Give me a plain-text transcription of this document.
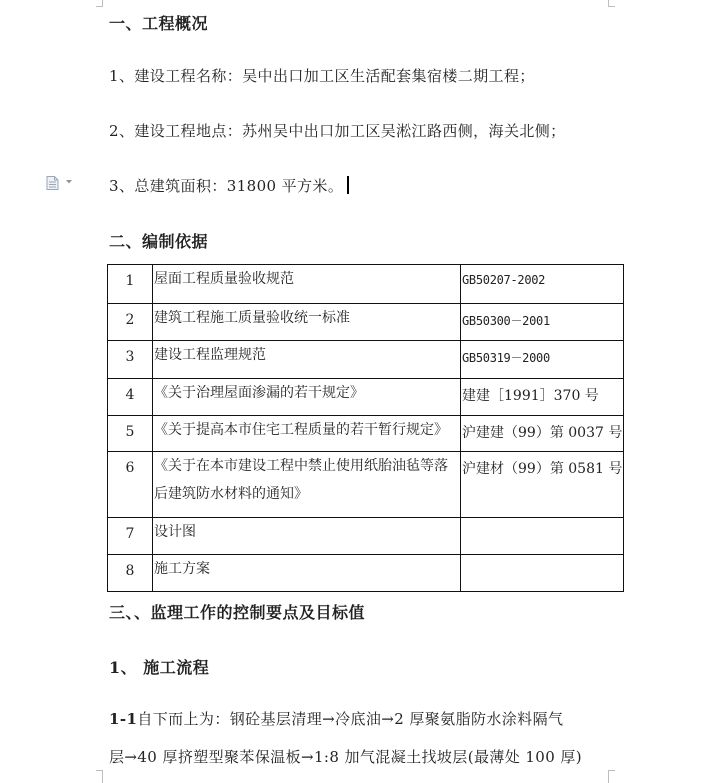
一、工程概况
1、建设工程名称：吴中出口加工区生活配套集宿楼二期工程；
2、建设工程地点：苏州吴中出口加工区吴淞江路西侧，海关北侧；
3、总建筑面积：31800 平方米。
二、编制依据
1	屋面工程质量验收规范	GB50207-2002
2	建筑工程施工质量验收统一标准	GB50300－2001
3	建设工程监理规范	GB50319－2000
4	《关于治理屋面渗漏的若干规定》	建建［1991］370 号
5	《关于提高本市住宅工程质量的若干暂行规定》	沪建建（99）第 0037 号
6	《关于在本市建设工程中禁止使用纸胎油毡等落
后建筑防水材料的通知》	沪建材（99）第 0581 号
7	设计图	
8	施工方案	
三、、监理工作的控制要点及目标值
1、 施工流程
1-1自下而上为：钢砼基层清理→冷底油→2 厚聚氨脂防水涂料隔气
层→40 厚挤塑型聚苯保温板→1:8 加气混凝土找坡层(最薄处 100 厚)
